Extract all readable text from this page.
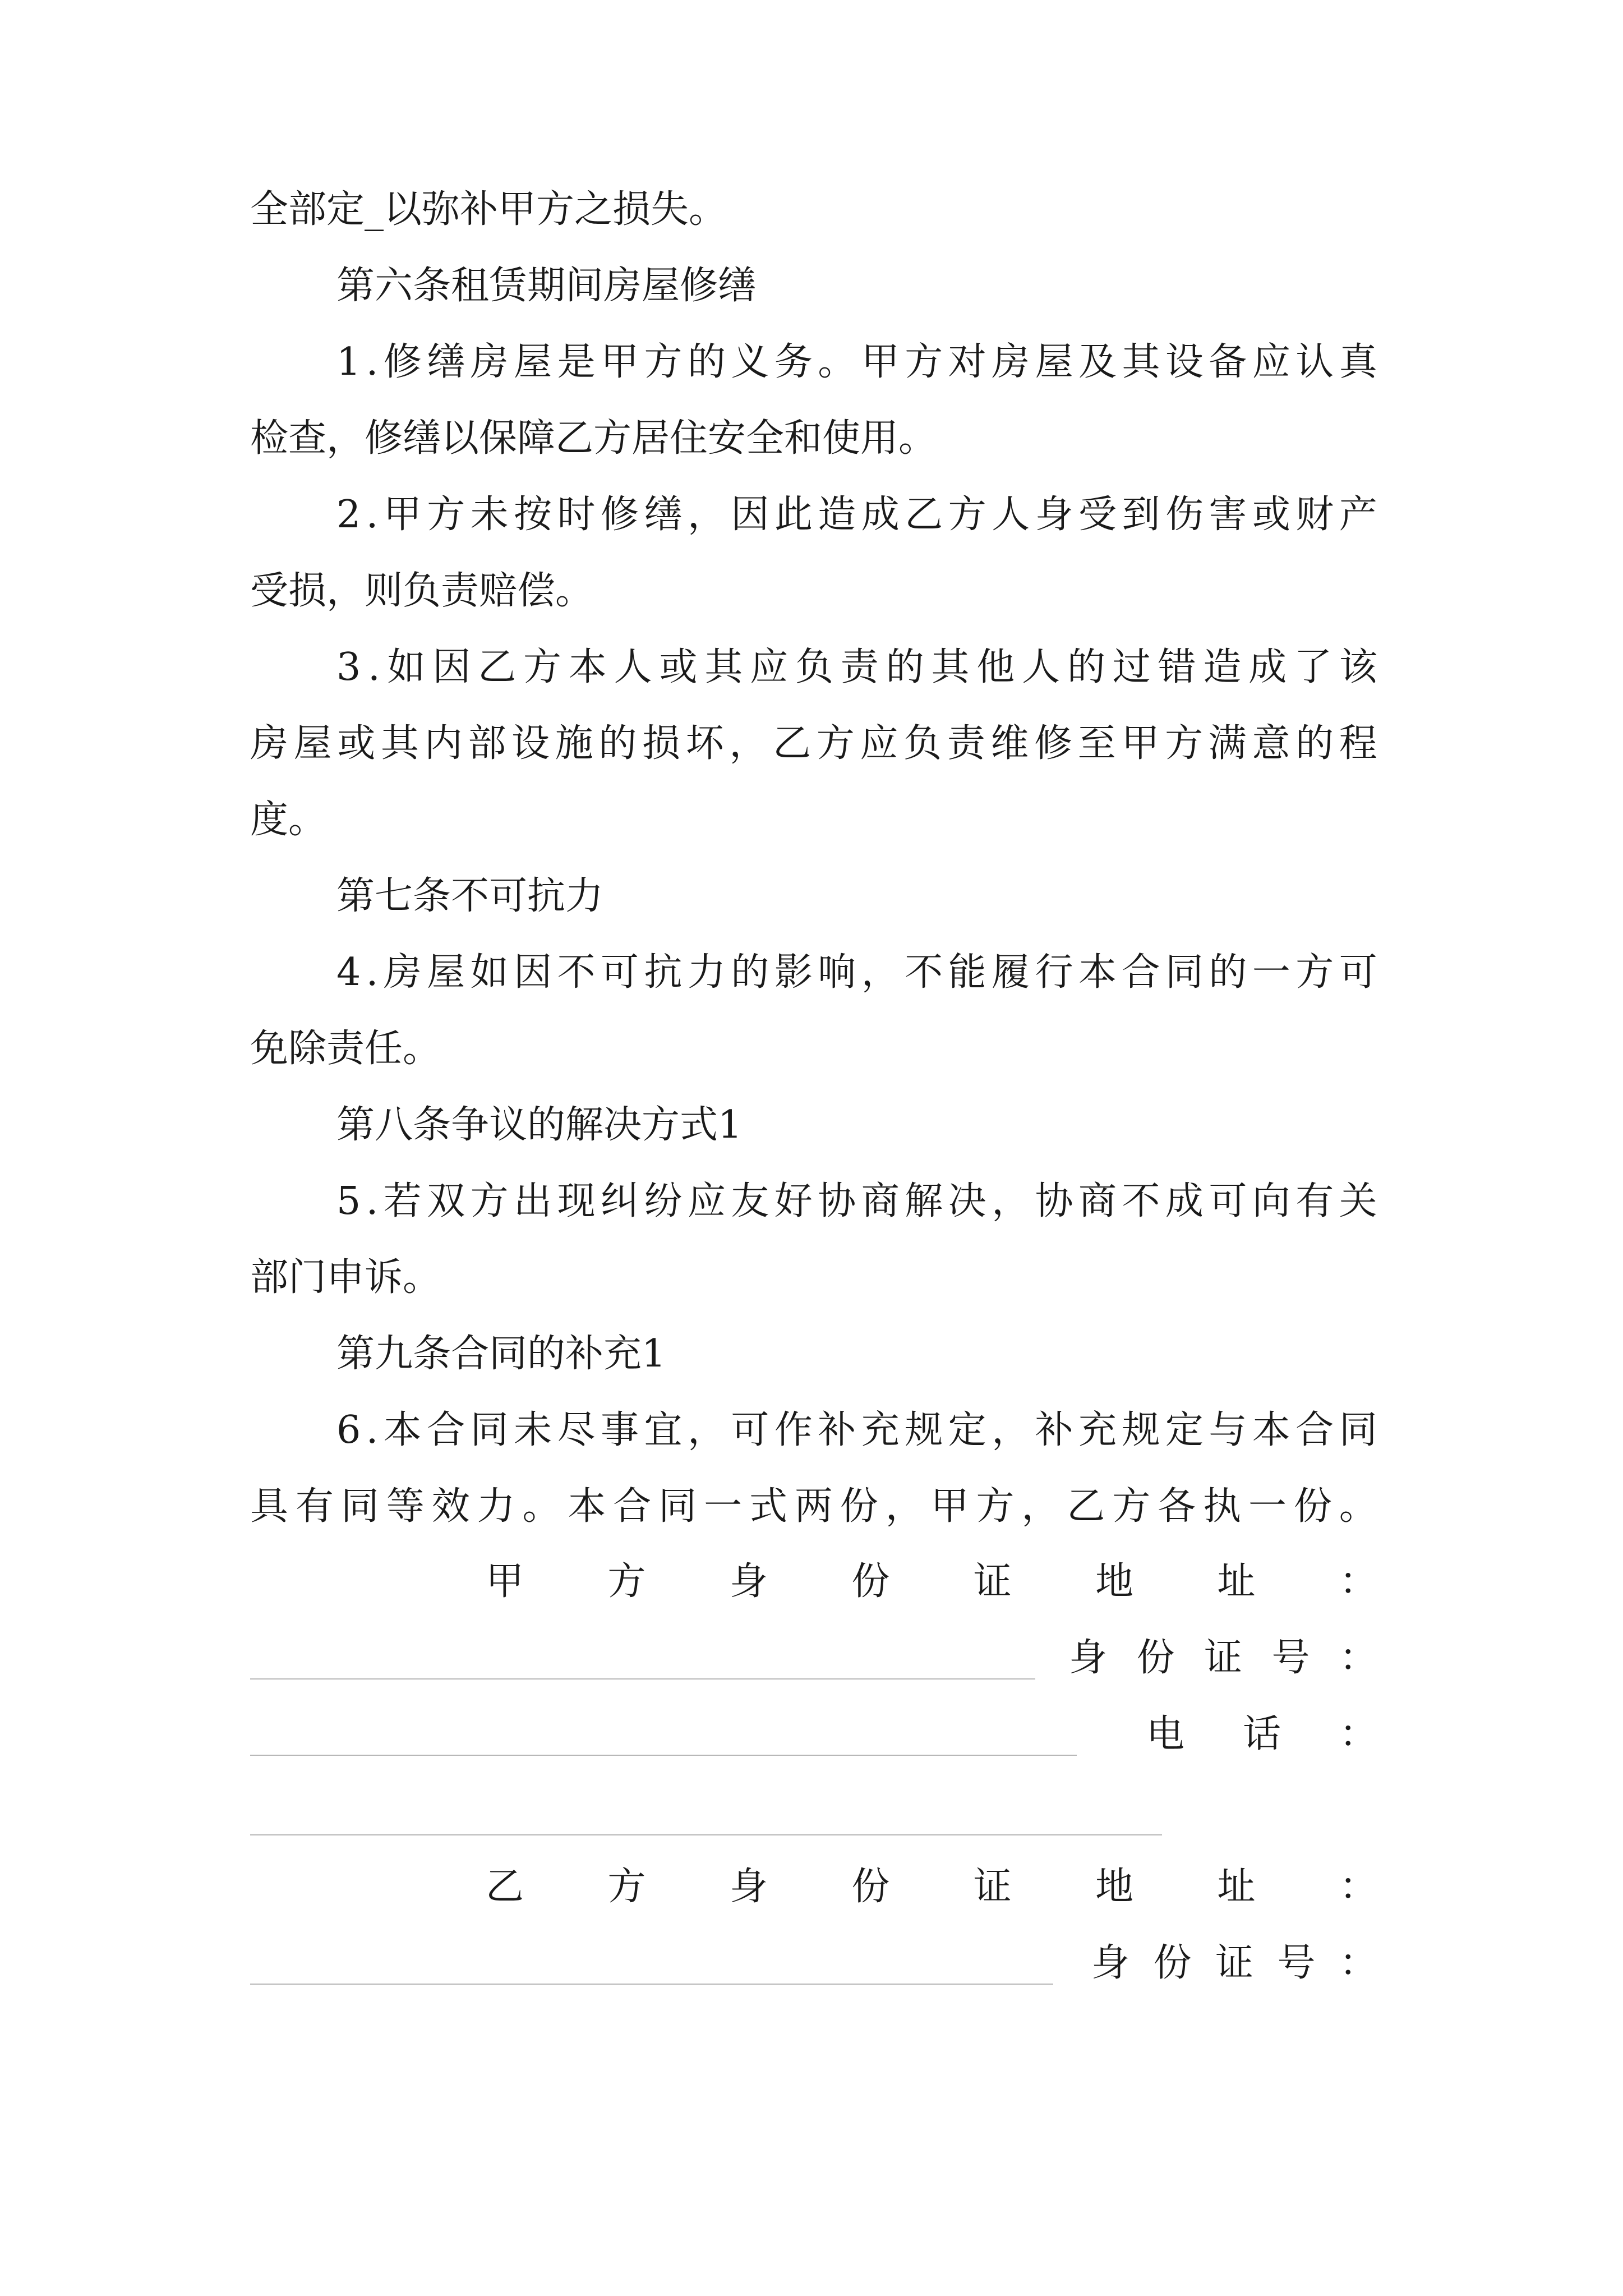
全部定_以弥补甲方之损失。
第六条租赁期间房屋修缮
1 . 修 缮 房 屋 是 甲 方 的 义 务 。 甲 方 对 房 屋 及 其 设 备 应 认 真
检查，修缮以保障乙方居住安全和使用。
2 . 甲 方 未 按 时 修 缮 ， 因 此 造 成 乙 方 人 身 受 到 伤 害 或 财 产
受损，则负责赔偿。
3 . 如 因 乙 方 本 人 或 其 应 负 责 的 其 他 人 的 过 错 造 成 了 该
房 屋 或 其 内 部 设 施 的 损 坏 ， 乙 方 应 负 责 维 修 至 甲 方 满 意 的 程
度。
第七条不可抗力
4 . 房 屋 如 因 不 可 抗 力 的 影 响 ， 不 能 履 行 本 合 同 的 一 方 可
免除责任。
第八条争议的解决方式1
5 . 若 双 方 出 现 纠 纷 应 友 好 协 商 解 决 ， 协 商 不 成 可 向 有 关
部门申诉。
第九条合同的补充1
6 . 本 合 同 未 尽 事 宜 ， 可 作 补 充 规 定 ， 补 充 规 定 与 本 合 同
具 有 同 等 效 力 。 本 合 同 一 式 两 份 ， 甲 方 ， 乙 方 各 执 一 份 。
甲 方 身 份 证 地 址 ：
身 份 证 号 ：
电 话 ：
乙 方 身 份 证 地 址 ：
身 份 证 号 ：
